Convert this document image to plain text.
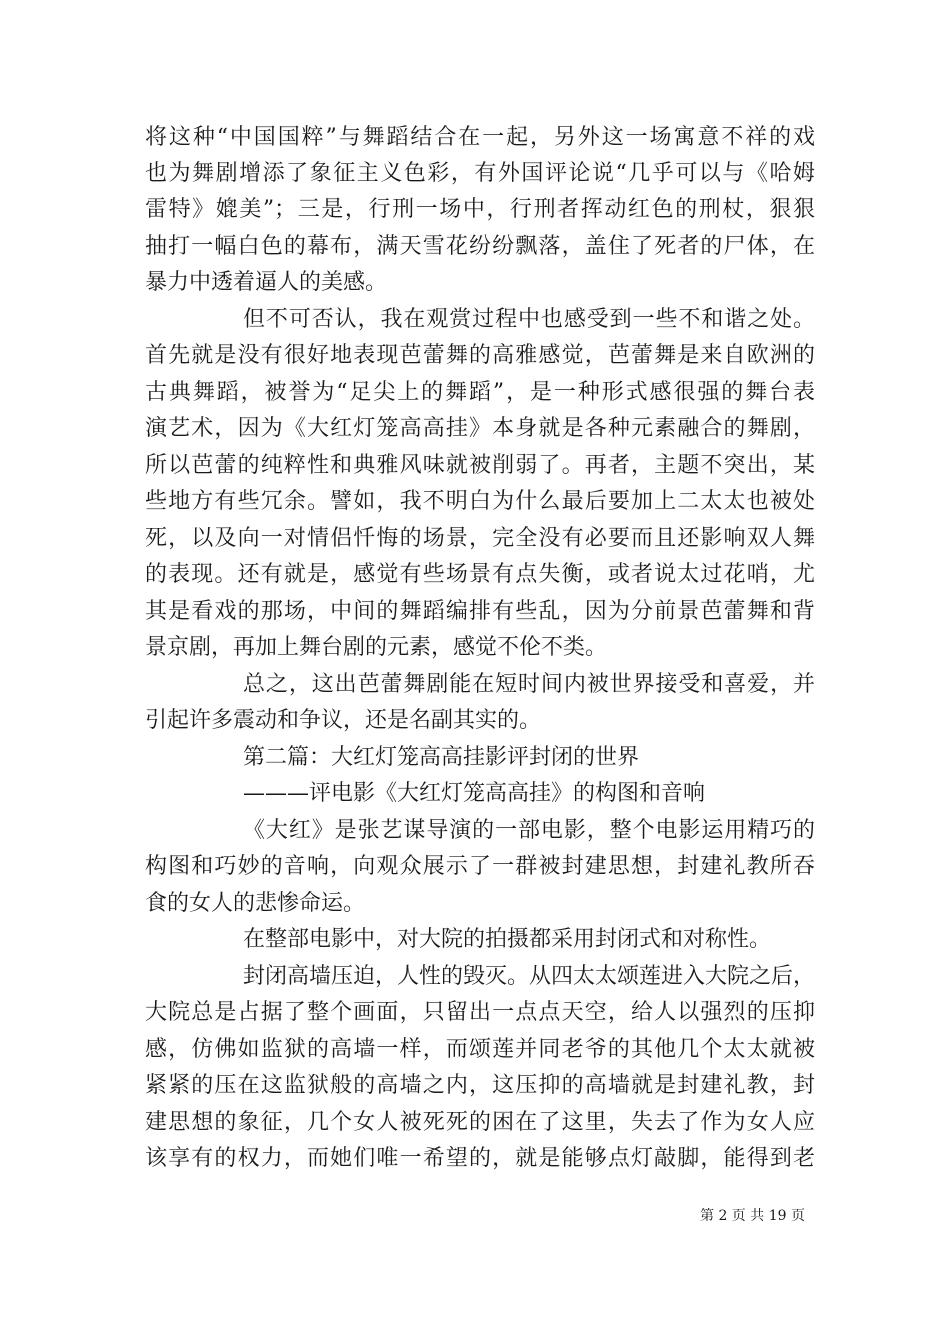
将这种“中国国粹”与舞蹈结合在一起，另外这一场寓意不祥的戏
也为舞剧增添了象征主义色彩，有外国评论说“几乎可以与《哈姆
雷特》媲美”；三是，行刑一场中，行刑者挥动红色的刑杖，狠狠
抽打一幅白色的幕布，满天雪花纷纷飘落，盖住了死者的尸体，在
暴力中透着逼人的美感。
但不可否认，我在观赏过程中也感受到一些不和谐之处。
首先就是没有很好地表现芭蕾舞的高雅感觉，芭蕾舞是来自欧洲的
古典舞蹈，被誉为“足尖上的舞蹈”，是一种形式感很强的舞台表
演艺术，因为《大红灯笼高高挂》本身就是各种元素融合的舞剧，
所以芭蕾的纯粹性和典雅风味就被削弱了。再者，主题不突出，某
些地方有些冗余。譬如，我不明白为什么最后要加上二太太也被处
死，以及向一对情侣忏悔的场景，完全没有必要而且还影响双人舞
的表现。还有就是，感觉有些场景有点失衡，或者说太过花哨，尤
其是看戏的那场，中间的舞蹈编排有些乱，因为分前景芭蕾舞和背
景京剧，再加上舞台剧的元素，感觉不伦不类。
总之，这出芭蕾舞剧能在短时间内被世界接受和喜爱，并
引起许多震动和争议，还是名副其实的。
第二篇：大红灯笼高高挂影评封闭的世界
———评电影《大红灯笼高高挂》的构图和音响
《大红》是张艺谋导演的一部电影，整个电影运用精巧的
构图和巧妙的音响，向观众展示了一群被封建思想，封建礼教所吞
食的女人的悲惨命运。
在整部电影中，对大院的拍摄都采用封闭式和对称性。
封闭高墙压迫，人性的毁灭。从四太太颂莲进入大院之后，
大院总是占据了整个画面，只留出一点点天空，给人以强烈的压抑
感，仿佛如监狱的高墙一样，而颂莲并同老爷的其他几个太太就被
紧紧的压在这监狱般的高墙之内，这压抑的高墙就是封建礼教，封
建思想的象征，几个女人被死死的困在了这里，失去了作为女人应
该享有的权力，而她们唯一希望的，就是能够点灯敲脚，能得到老
第 2 页 共 19 页
